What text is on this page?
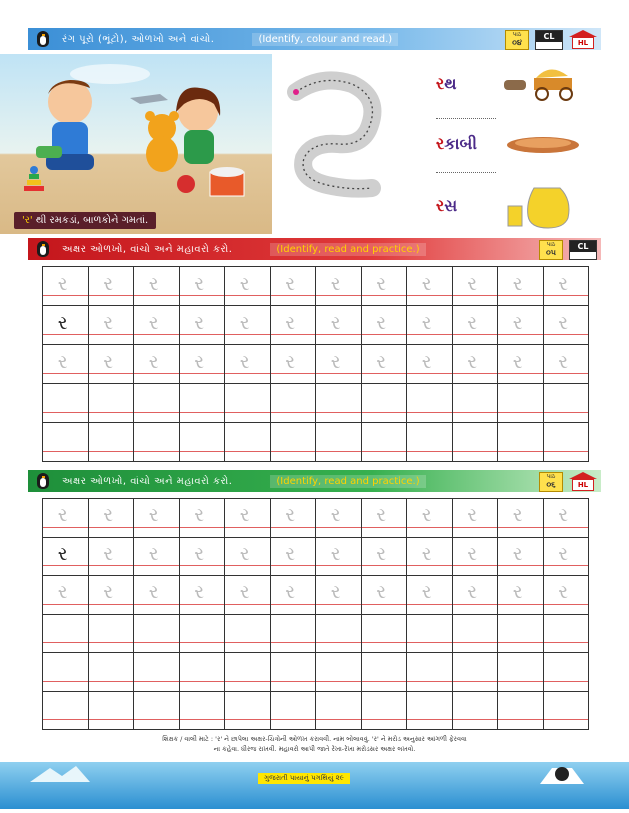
રંગ પૂરો (ભૂંટો), ઓળખો અને વાંચો.	(Identify, colour and read.)	પાઠ
૦૪
CL
HL
'ર' થી રમકડાં, બાળકોને ગમતાં.
રથ
રકાબી
રસ
અક્ષર ઓળખો, વાંચો અને મહાવરો કરો.	(Identify, read and practice.)	પાઠ
૦૫
CL
ર ર ર ર ર ર ર ર ર ર ર ર
ર ર ર ર ર ર ર ર ર ર ર ર
ર ર ર ર ર ર ર ર ર ર ર ર
અક્ષર ઓળખો, વાંચો અને મહાવરો કરો.	(Identify, read and practice.)	પાઠ
૦૬	HL
ર ર ર ર ર ર ર ર ર ર ર ર
ર ર ર ર ર ર ર ર ર ર ર ર
ર ર ર ર ર ર ર ર ર ર ર ર
શિક્ષક / વાલી માટે : 'ર' ને છાપેલા અક્ષર-ચિત્રોની ઓળખ કરાવવી. નામ બોલાવવું. 'ર' ને મરોડ અનુસાર આંગળી ફેરવવા
ના કહેવા. ધીરજ રાખવી. મહાવરો આપી જાતે રેખા-રેખા મરોડસર અક્ષર લખવો.
ગુજરાતી પાયાનું પગથિયું ૨૯
